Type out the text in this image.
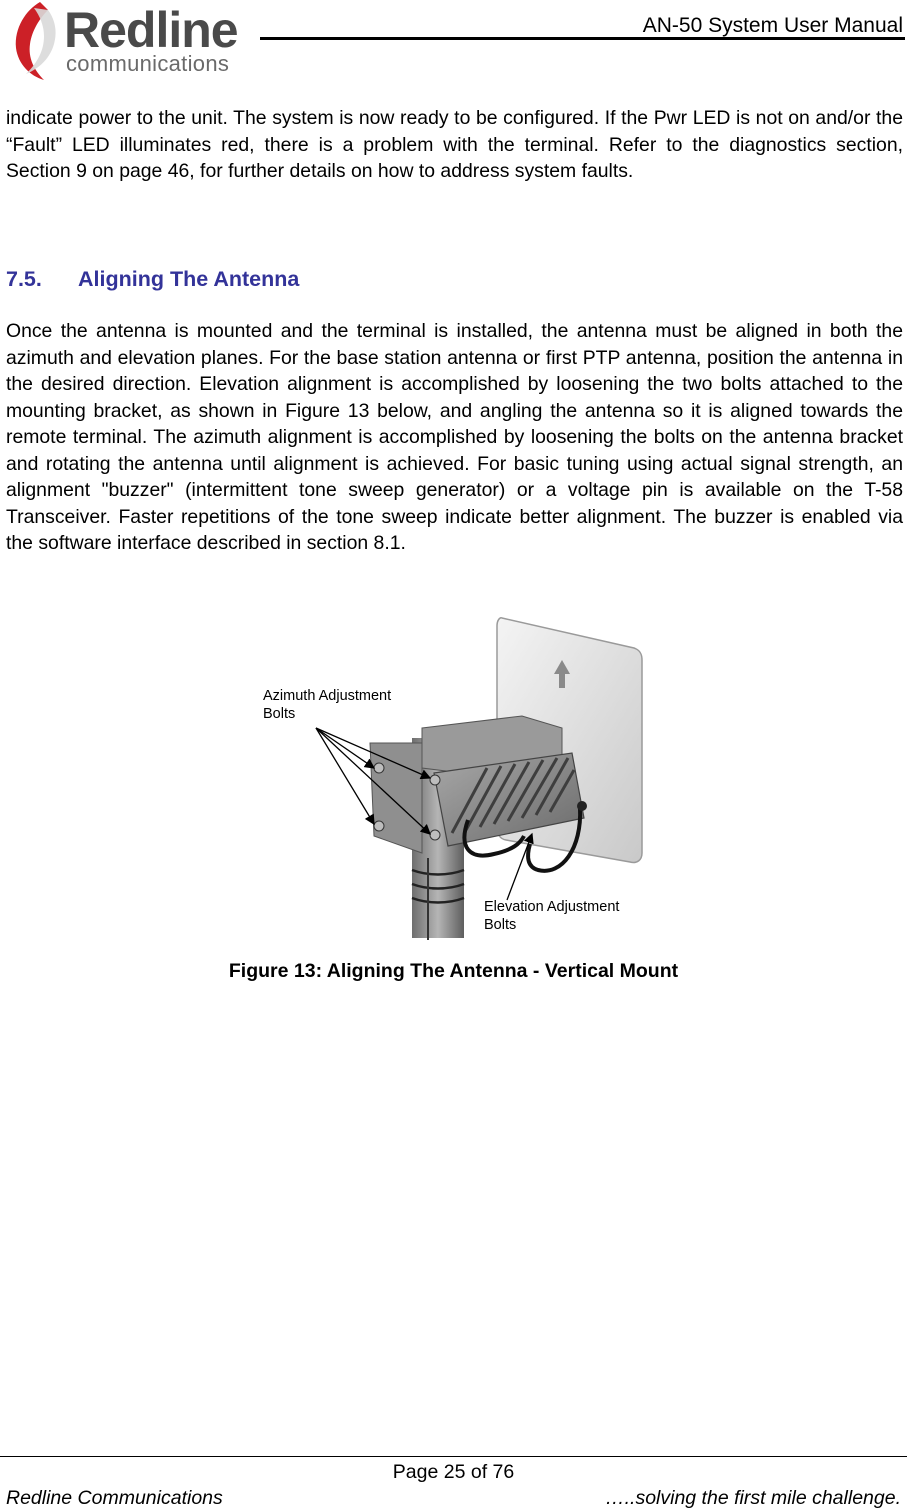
Redline
communications
AN-50 System User Manual

indicate power to the unit. The system is now ready to be configured. If the Pwr LED is not on and/or the “Fault” LED illuminates red, there is a problem with the terminal. Refer to the diagnostics section, Section 9 on page 46, for further details on how to address system faults.

7.5. Aligning The Antenna

Once the antenna is mounted and the terminal is installed, the antenna must be aligned in both the azimuth and elevation planes. For the base station antenna or first PTP antenna, position the antenna in the desired direction. Elevation alignment is accomplished by loosening the two bolts attached to the mounting bracket, as shown in Figure 13 below, and angling the antenna so it is aligned towards the remote terminal. The azimuth alignment is accomplished by loosening the bolts on the antenna bracket and rotating the antenna until alignment is achieved. For basic tuning using actual signal strength, an alignment "buzzer" (intermittent tone sweep generator) or a voltage pin is available on the T-58 Transceiver. Faster repetitions of the tone sweep indicate better alignment. The buzzer is enabled via the software interface described in section 8.1.

Azimuth Adjustment Bolts
Elevation Adjustment Bolts
Figure 13: Aligning The Antenna - Vertical Mount
Page 25 of 76
Redline Communications	…..solving the first mile challenge.
